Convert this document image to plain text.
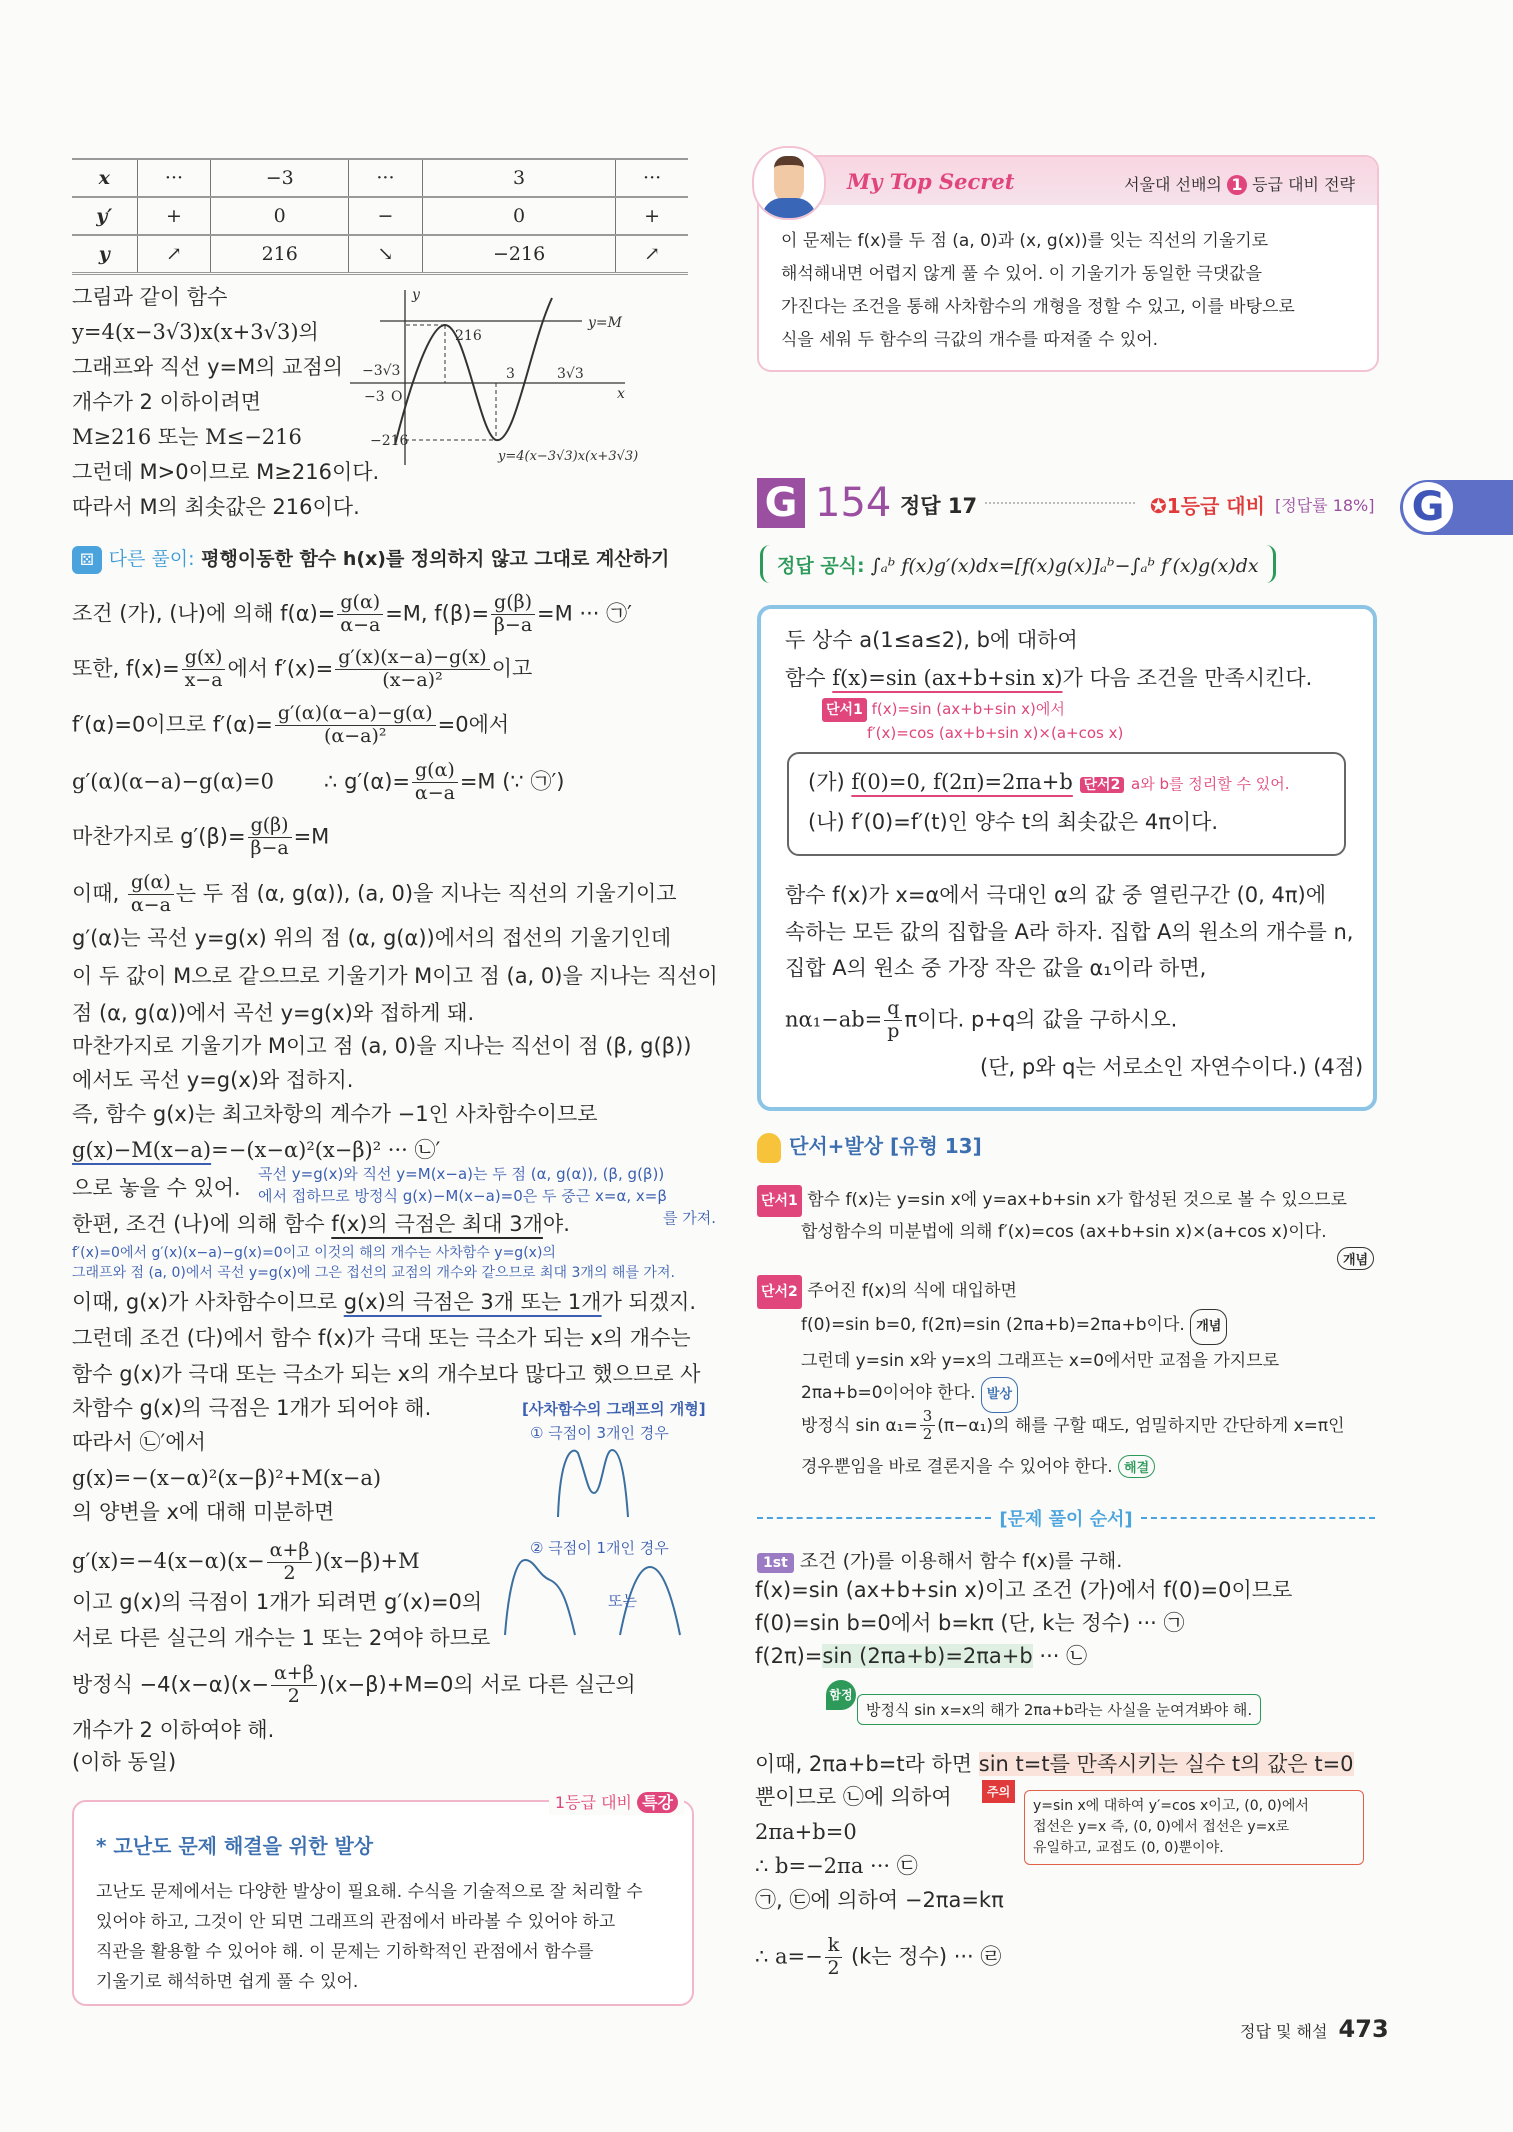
x	···	−3	···	3	···
y′	+	0	−	0	+
y	↗	216	↘	−216	↗
그림과 같이 함수
y=4(x−3√3)x(x+3√3)의
그래프와 직선 y=M의 교점의
개수가 2 이하이려면
M≥216 또는 M≤−216
그런데 M>0이므로 M≥216이다.
따라서 M의 최솟값은 216이다.
y
x
O
y=M
y=4(x−3√3)x(x+3√3)
216
−216
−3√3	3√3
−3
3
⚄ 다른 풀이: 평행이동한 함수 h(x)를 정의하지 않고 그대로 계산하기
조건 (가), (나)에 의해 $f(\alpha)= \frac{g(\alpha)}{\alpha-a} =M$, $f(\beta)= \frac{g(\beta)}{\beta-a} =M$ ··· ㉠′
또한, $f(x)= \frac{g(x)}{x-a}$ 에서 $f'(x)= \frac{g'(x)(x-a)-g(x)}{\text{(x−a)²}}$ 이고
f′(α)=0이므로 $f'(\alpha)= \frac{g'(\alpha)(\alpha-a)-g(\alpha)}{\text{(α−a)²}} =0$에서
g′(α)(α−a)−g(α)=0 ∴ $g'(\alpha)= \frac{g(\alpha)}{\alpha-a} =M$ (∵ ㉠′)
마찬가지로 $g'(\beta)= \frac{g(\beta)}{\beta-a} =M$
이때, $\frac{g(\alpha)}{\alpha-a}$ 는 두 점 (α, g(α)), (a, 0)을 지나는 직선의 기울기이고
g′(α)는 곡선 y=g(x) 위의 점 (α, g(α))에서의 접선의 기울기인데
이 두 값이 M으로 같으므로 기울기가 M이고 점 (a, 0)을 지나는 직선이
점 (α, g(α))에서 곡선 y=g(x)와 접하게 돼.
마찬가지로 기울기가 M이고 점 (a, 0)을 지나는 직선이 점 (β, g(β))
에서도 곡선 y=g(x)와 접하지.
즉, 함수 g(x)는 최고차항의 계수가 −1인 사차함수이므로
g(x)−M(x−a)=−(x−α)²(x−β)² ··· ㉡′
으로 놓을 수 있어.
곡선 y=g(x)와 직선 y=M(x−a)는 두 점 (α, g(α)), (β, g(β))
에서 접하므로 방정식 g(x)−M(x−a)=0은 두 중근 x=α, x=β
를 가져.
한편, 조건 (나)에 의해 함수 f(x)의 극점은 최대 3개야.
f′(x)=0에서 g′(x)(x−a)−g(x)=0이고 이것의 해의 개수는 사차함수 y=g(x)의
그래프와 점 (a, 0)에서 곡선 y=g(x)에 그은 접선의 교점의 개수와 같으므로 최대 3개의 해를 가져.
이때, g(x)가 사차함수이므로 g(x)의 극점은 3개 또는 1개가 되겠지.
그런데 조건 (다)에서 함수 f(x)가 극대 또는 극소가 되는 x의 개수는
함수 g(x)가 극대 또는 극소가 되는 x의 개수보다 많다고 했으므로 사
차함수 g(x)의 극점은 1개가 되어야 해.
따라서 ㉡′에서
g(x)=−(x−α)²(x−β)²+M(x−a)
의 양변을 x에 대해 미분하면
$g'(x)=-4(x-\alpha)(x- \frac{\alpha+\beta}{2} )(x-\beta)+M$
이고 g(x)의 극점이 1개가 되려면 g′(x)=0의
서로 다른 실근의 개수는 1 또는 2여야 하므로
방정식 $-4(x-\alpha)(x- \frac{\alpha+\beta}{2} )(x-\beta)+M=0$의 서로 다른 실근의
개수가 2 이하여야 해.
(이하 동일)
[사차함수의 그래프의 개형]
① 극점이 3개인 경우
② 극점이 1개인 경우
또는
1등급 대비 특강
* 고난도 문제 해결을 위한 발상
고난도 문제에서는 다양한 발상이 필요해. 수식을 기술적으로 잘 처리할 수
있어야 하고, 그것이 안 되면 그래프의 관점에서 바라볼 수 있어야 하고
직관을 활용할 수 있어야 해. 이 문제는 기하학적인 관점에서 함수를
기울기로 해석하면 쉽게 풀 수 있어.
My Top Secret	서울대 선배의 1 등급 대비 전략
이 문제는 f(x)를 두 점 (a, 0)과 (x, g(x))를 잇는 직선의 기울기로
해석해내면 어렵지 않게 풀 수 있어. 이 기울기가 동일한 극댓값을
가진다는 조건을 통해 사차함수의 개형을 정할 수 있고, 이를 바탕으로
식을 세워 두 함수의 극값의 개수를 따져줄 수 있어.
G 154 정답 17	✪1등급 대비 [정답률 18%] G
정답 공식: ∫ₐᵇ f(x)g′(x)dx=[f(x)g(x)]ₐᵇ−∫ₐᵇ f′(x)g(x)dx
두 상수 a(1≤a≤2), b에 대하여
함수 f(x)=sin (ax+b+sin x)가 다음 조건을 만족시킨다.
단서1 f(x)=sin (ax+b+sin x)에서
f′(x)=cos (ax+b+sin x)×(a+cos x)
(가) f(0)=0, f(2π)=2πa+b 단서2 a와 b를 정리할 수 있어.
(나) f′(0)=f′(t)인 양수 t의 최솟값은 4π이다.
함수 f(x)가 x=α에서 극대인 α의 값 중 열린구간 (0, 4π)에
속하는 모든 값의 집합을 A라 하자. 집합 A의 원소의 개수를 n,
집합 A의 원소 중 가장 작은 값을 α₁이라 하면,
$n\alpha_1-ab= \frac{q}{p}$ π이다. p+q의 값을 구하시오.
(단, p와 q는 서로소인 자연수이다.) (4점)
단서+발상 [유형 13]
단서1 함수 f(x)는 y=sin x에 y=ax+b+sin x가 합성된 것으로 볼 수 있으므로
합성함수의 미분법에 의해 f′(x)=cos (ax+b+sin x)×(a+cos x)이다.
개념
단서2 주어진 f(x)의 식에 대입하면
f(0)=sin b=0, f(2π)=sin (2πa+b)=2πa+b이다. 개념
그런데 y=sin x와 y=x의 그래프는 x=0에서만 교점을 가지므로
2πa+b=0이어야 한다. 발상
방정식 $\sin \alpha_1= \frac{3}{2} (\pi-\alpha_1)$의 해를 구할 때도, 엄밀하지만 간단하게 x=π인
경우뿐임을 바로 결론지을 수 있어야 한다. 해결
[문제 풀이 순서]
1st 조건 (가)를 이용해서 함수 f(x)를 구해.
f(x)=sin (ax+b+sin x)이고 조건 (가)에서 f(0)=0이므로
f(0)=sin b=0에서 b=kπ (단, k는 정수) ··· ㉠
f(2π)=sin (2πa+b)=2πa+b ··· ㉡
함정
방정식 sin x=x의 해가 2πa+b라는 사실을 눈여겨봐야 해.
이때, 2πa+b=t라 하면 sin t=t를 만족시키는 실수 t의 값은 t=0
뿐이므로 ㉡에 의하여
2πa+b=0
∴ b=−2πa ··· ㉢
㉠, ㉢에 의하여 −2πa=kπ
∴ $a=- \frac{k}{2} (k$는 정수) ··· ㉣
주의
y=sin x에 대하여 y′=cos x이고, (0, 0)에서
접선은 y=x 즉, (0, 0)에서 접선은 y=x로
유일하고, 교점도 (0, 0)뿐이야.
정답 및 해설 473
